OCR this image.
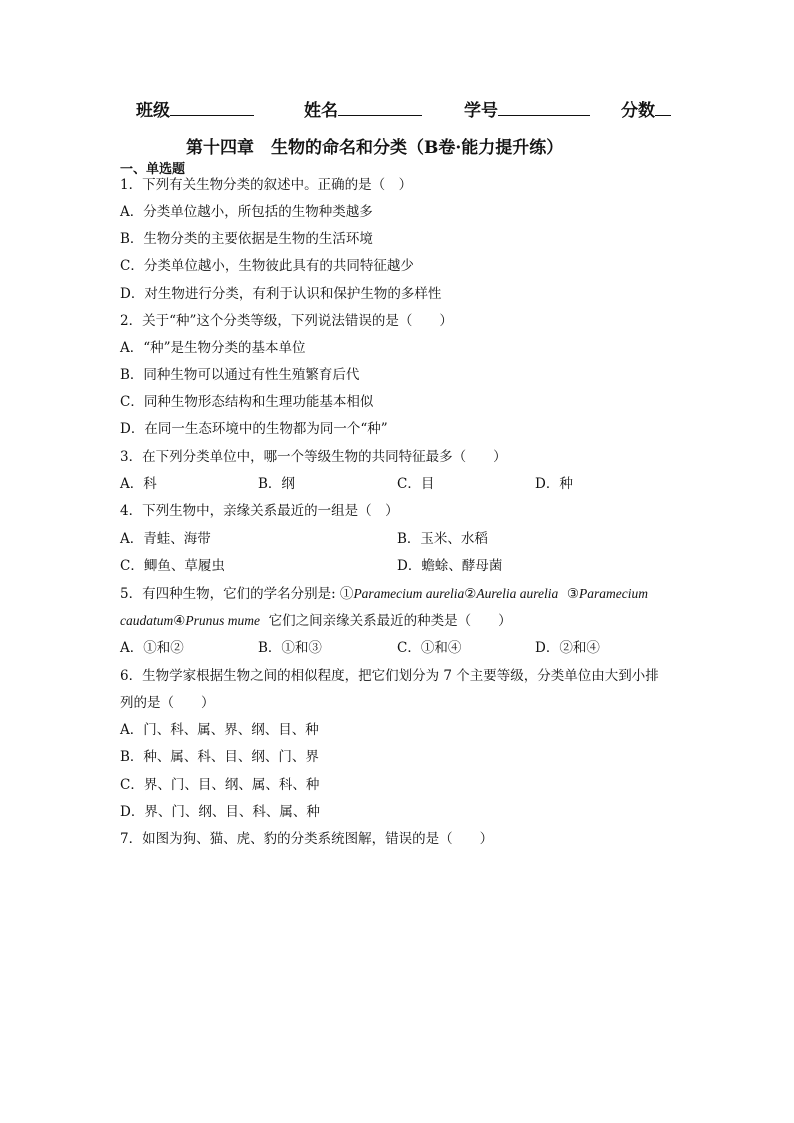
班级	姓名	学号	分数
第十四章　生物的命名和分类（B卷·能力提升练）
一、单选题
1．下列有关生物分类的叙述中。正确的是（　）
A．分类单位越小，所包括的生物种类越多
B．生物分类的主要依据是生物的生活环境
C．分类单位越小，生物彼此具有的共同特征越少
D．对生物进行分类，有利于认识和保护生物的多样性
2．关于“种”这个分类等级，下列说法错误的是（　　）
A．“种”是生物分类的基本单位
B．同种生物可以通过有性生殖繁育后代
C．同种生物形态结构和生理功能基本相似
D．在同一生态环境中的生物都为同一个“种”
3．在下列分类单位中，哪一个等级生物的共同特征最多（　　）
A．科	B．纲	C．目	D．种
4．下列生物中，亲缘关系最近的一组是（　）
A．青蛙、海带	B．玉米、水稻
C．鲫鱼、草履虫	D．蟾蜍、酵母菌
5．有四种生物，它们的学名分别是: ①Paramecium aurelia②Aurelia aurelia ③Paramecium
caudatum④Prunus mume 它们之间亲缘关系最近的种类是（　　）
A．①和②	B．①和③	C．①和④	D．②和④
6．生物学家根据生物之间的相似程度，把它们划分为 7 个主要等级，分类单位由大到小排
列的是（　　）
A．门、科、属、界、纲、目、种
B．种、属、科、目、纲、门、界
C．界、门、目、纲、属、科、种
D．界、门、纲、目、科、属、种
7．如图为狗、猫、虎、豹的分类系统图解，错误的是（　　）
